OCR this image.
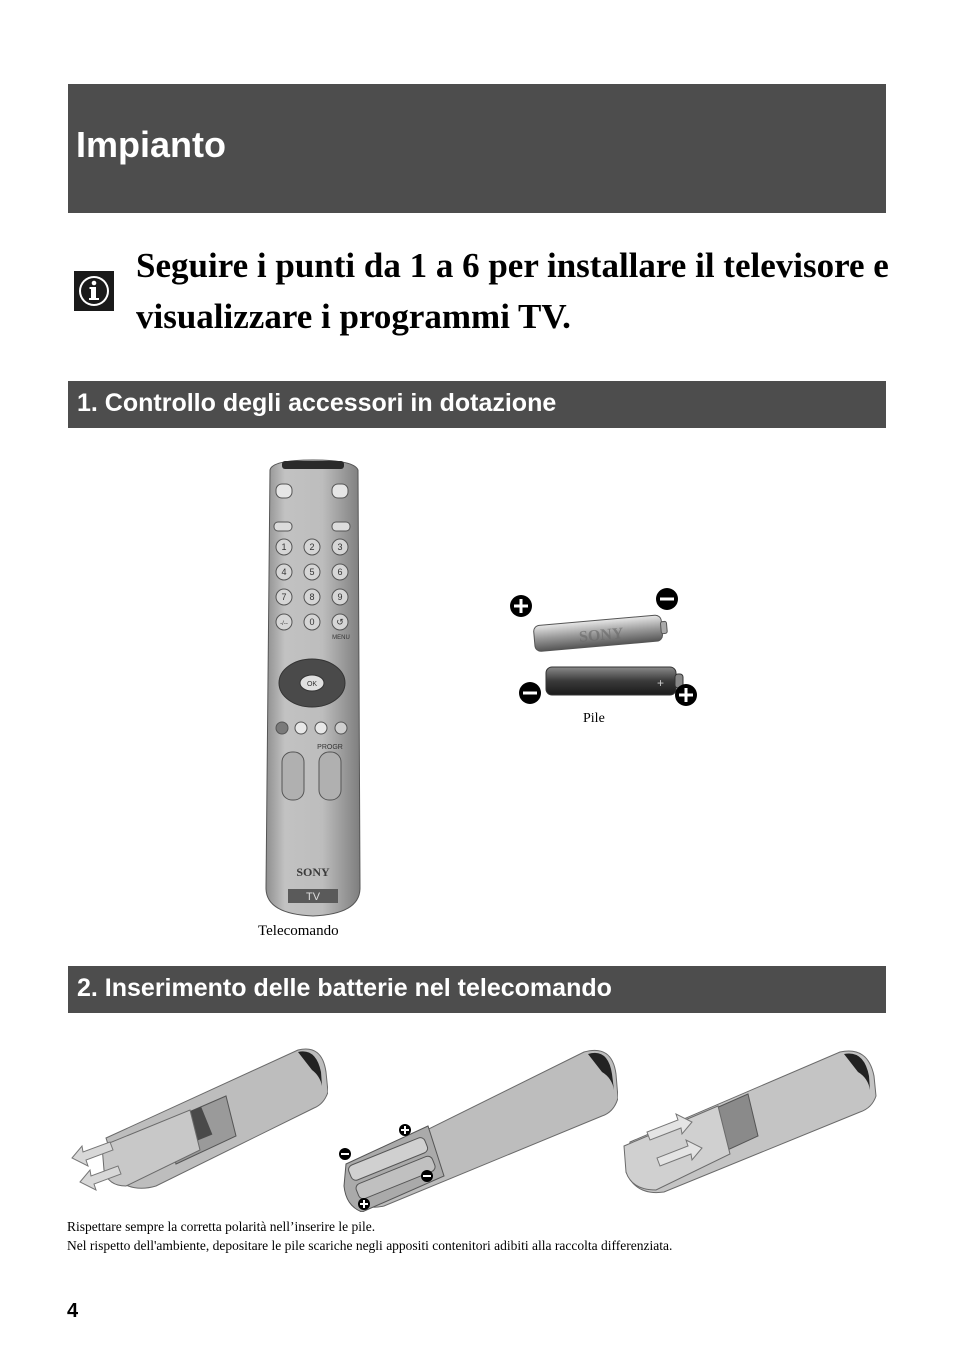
Impianto

Seguire i punti da 1 a 6 per installare il televisore e visualizzare i programmi TV.

1. Controllo degli accessori in dotazione
1	2	3
4	5	6
7	8	9
-/-- 0 ↺
MENU
OK
PROGR
SONY
TV
Telecomando
SONY
+
Pile
2. Inserimento delle batterie nel telecomando
Rispettare sempre la corretta polarità nell’inserire le pile.
Nel rispetto dell'ambiente, depositare le pile scariche negli appositi contenitori adibiti alla raccolta differenziata.
4
